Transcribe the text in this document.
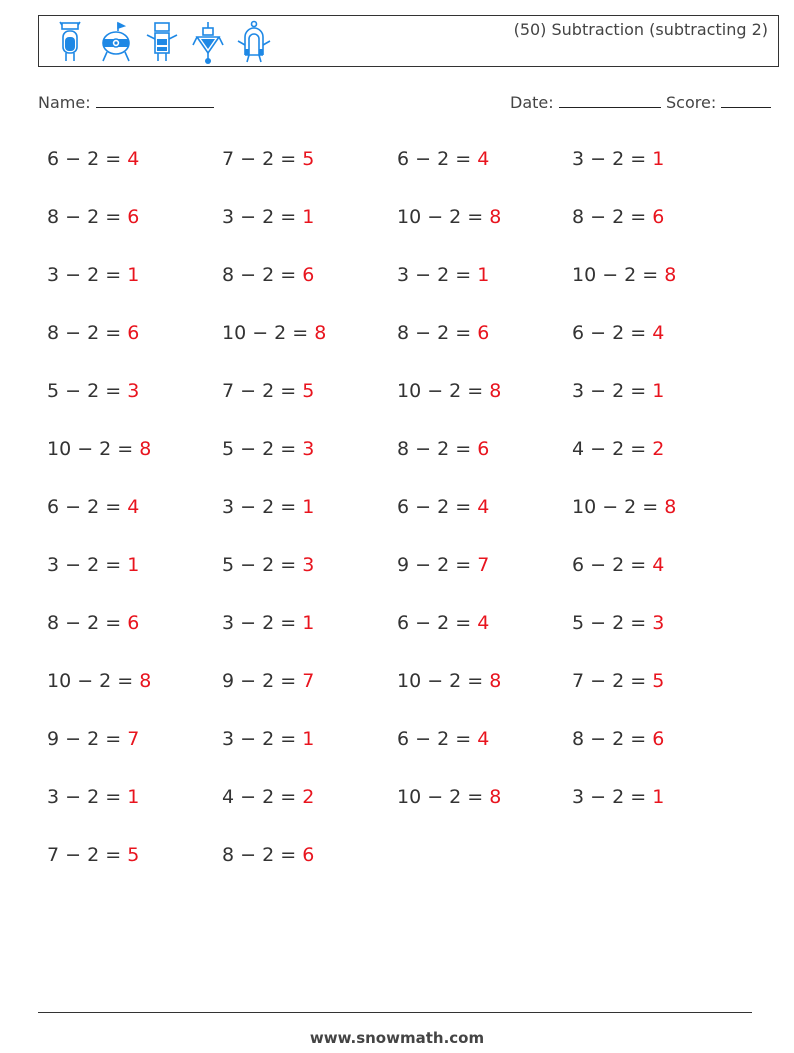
(50) Subtraction (subtracting 2)
Name:	Date:	Score:
6 − 2 = 4	7 − 2 = 5	6 − 2 = 4	3 − 2 = 1
8 − 2 = 6	3 − 2 = 1	10 − 2 = 8	8 − 2 = 6
3 − 2 = 1	8 − 2 = 6	3 − 2 = 1	10 − 2 = 8
8 − 2 = 6	10 − 2 = 8	8 − 2 = 6	6 − 2 = 4
5 − 2 = 3	7 − 2 = 5	10 − 2 = 8	3 − 2 = 1
10 − 2 = 8	5 − 2 = 3	8 − 2 = 6	4 − 2 = 2
6 − 2 = 4	3 − 2 = 1	6 − 2 = 4	10 − 2 = 8
3 − 2 = 1	5 − 2 = 3	9 − 2 = 7	6 − 2 = 4
8 − 2 = 6	3 − 2 = 1	6 − 2 = 4	5 − 2 = 3
10 − 2 = 8	9 − 2 = 7	10 − 2 = 8	7 − 2 = 5
9 − 2 = 7	3 − 2 = 1	6 − 2 = 4	8 − 2 = 6
3 − 2 = 1	4 − 2 = 2	10 − 2 = 8	3 − 2 = 1
7 − 2 = 5	8 − 2 = 6
www.snowmath.com
